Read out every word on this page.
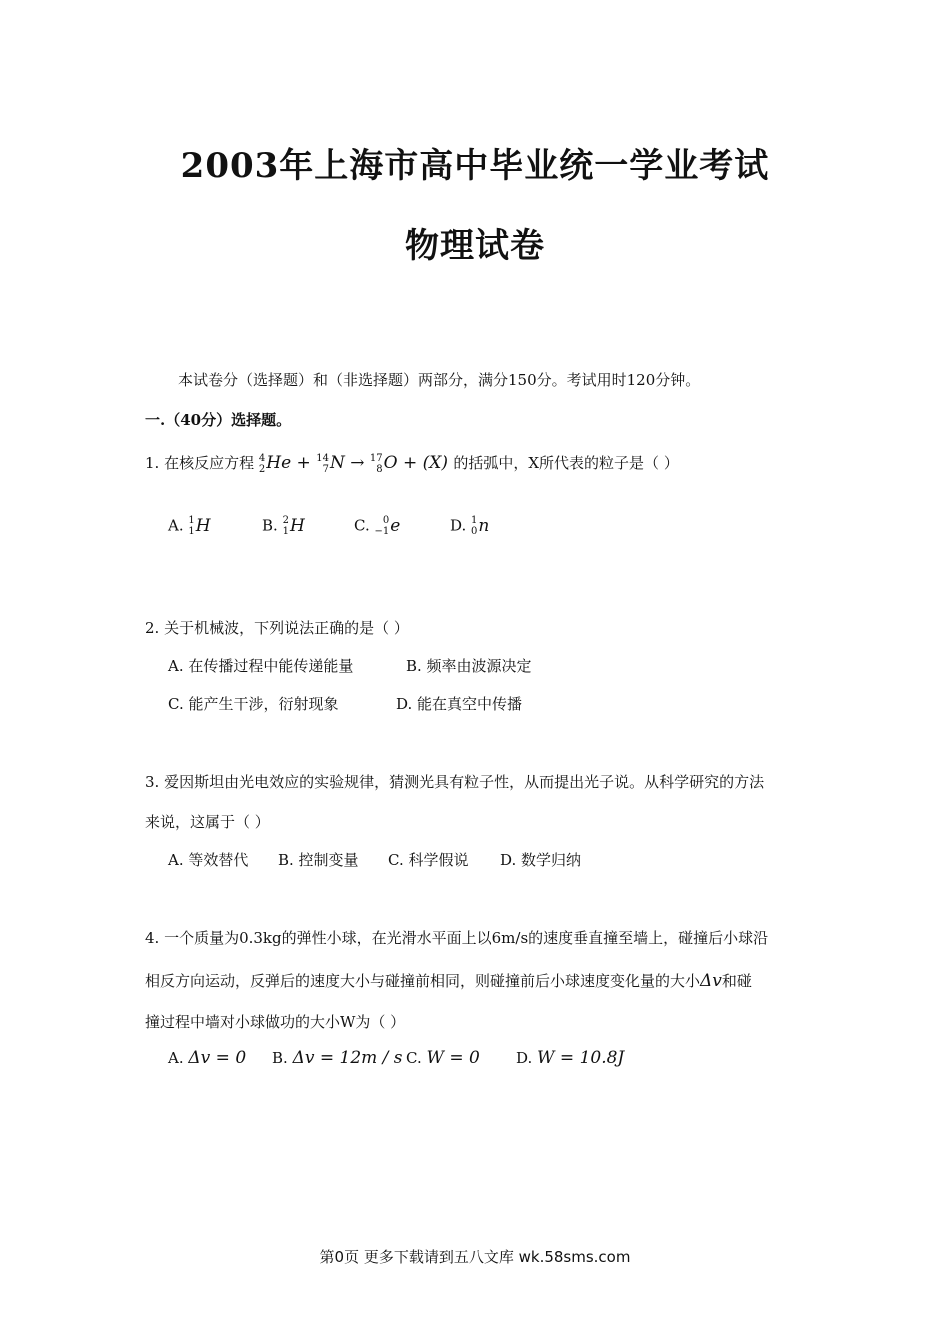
2003年上海市高中毕业统一学业考试
物理试卷
本试卷分（选择题）和（非选择题）两部分，满分150分。考试用时120分钟。
一.（40分）选择题。
1. 在核反应方程 4
2 He + 14
7 N → 17
8 O + (X) 的括弧中，X所代表的粒子是（ ）
A. 1
1 H	B. 2
1 H	C. 0
−1 e	D. 1
0 n
2. 关于机械波，下列说法正确的是（ ）
A. 在传播过程中能传递能量	B. 频率由波源决定
C. 能产生干涉，衍射现象	D. 能在真空中传播
3. 爱因斯坦由光电效应的实验规律，猜测光具有粒子性，从而提出光子说。从科学研究的方法
来说，这属于（ ）
A. 等效替代 B. 控制变量 C. 科学假说 D. 数学归纳
4. 一个质量为0.3kg的弹性小球，在光滑水平面上以6m/s的速度垂直撞至墙上，碰撞后小球沿
相反方向运动，反弹后的速度大小与碰撞前相同，则碰撞前后小球速度变化量的大小Δv和碰
撞过程中墙对小球做功的大小W为（ ）
A. Δv = 0 B. Δv = 12m / s C. W = 0 D. W = 10.8J
第0页 更多下载请到五八文库 wk.58sms.com
